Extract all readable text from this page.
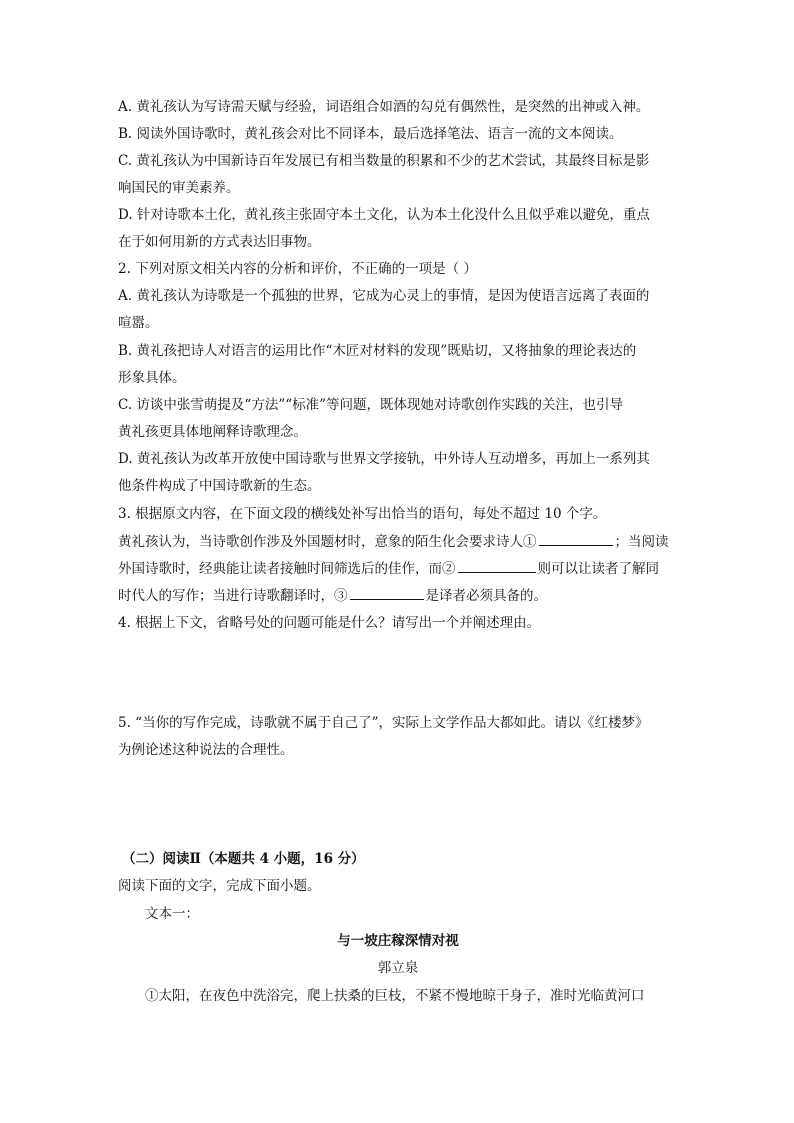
A. 黄礼孩认为写诗需天赋与经验，词语组合如酒的勾兑有偶然性，是突然的出神或入神。
B. 阅读外国诗歌时，黄礼孩会对比不同译本，最后选择笔法、语言一流的文本阅读。
C. 黄礼孩认为中国新诗百年发展已有相当数量的积累和不少的艺术尝试，其最终目标是影
响国民的审美素养。
D. 针对诗歌本土化，黄礼孩主张固守本土文化，认为本土化没什么且似乎难以避免，重点
在于如何用新的方式表达旧事物。
2. 下列对原文相关内容的分析和评价，不正确的一项是（ ）
A. 黄礼孩认为诗歌是一个孤独的世界，它成为心灵上的事情，是因为使语言远离了表面的
喧嚣。
B. 黄礼孩把诗人对语言的运用比作“木匠对材料的发现”既贴切，又将抽象的理论表达的
形象具体。
C. 访谈中张雪萌提及“方法”“标准”等问题，既体现她对诗歌创作实践的关注，也引导
黄礼孩更具体地阐释诗歌理念。
D. 黄礼孩认为改革开放使中国诗歌与世界文学接轨，中外诗人互动增多，再加上一系列其
他条件构成了中国诗歌新的生态。
3. 根据原文内容，在下面文段的横线处补写出恰当的语句，每处不超过 10 个字。
黄礼孩认为，当诗歌创作涉及外国题材时，意象的陌生化会要求诗人①	；当阅读
外国诗歌时，经典能让读者接触时间筛选后的佳作，而②	则可以让读者了解同
时代人的写作；当进行诗歌翻译时，③	是译者必须具备的。
4. 根据上下文，省略号处的问题可能是什么？请写出一个并阐述理由。
5. “当你的写作完成，诗歌就不属于自己了”，实际上文学作品大都如此。请以《红楼梦》
为例论述这种说法的合理性。
（二）阅读Ⅱ（本题共 4 小题，16 分）
阅读下面的文字，完成下面小题。
文本一：
与一坡庄稼深情对视
郭立泉
①太阳，在夜色中洗浴完，爬上扶桑的巨枝，不紧不慢地晾干身子，准时光临黄河口
